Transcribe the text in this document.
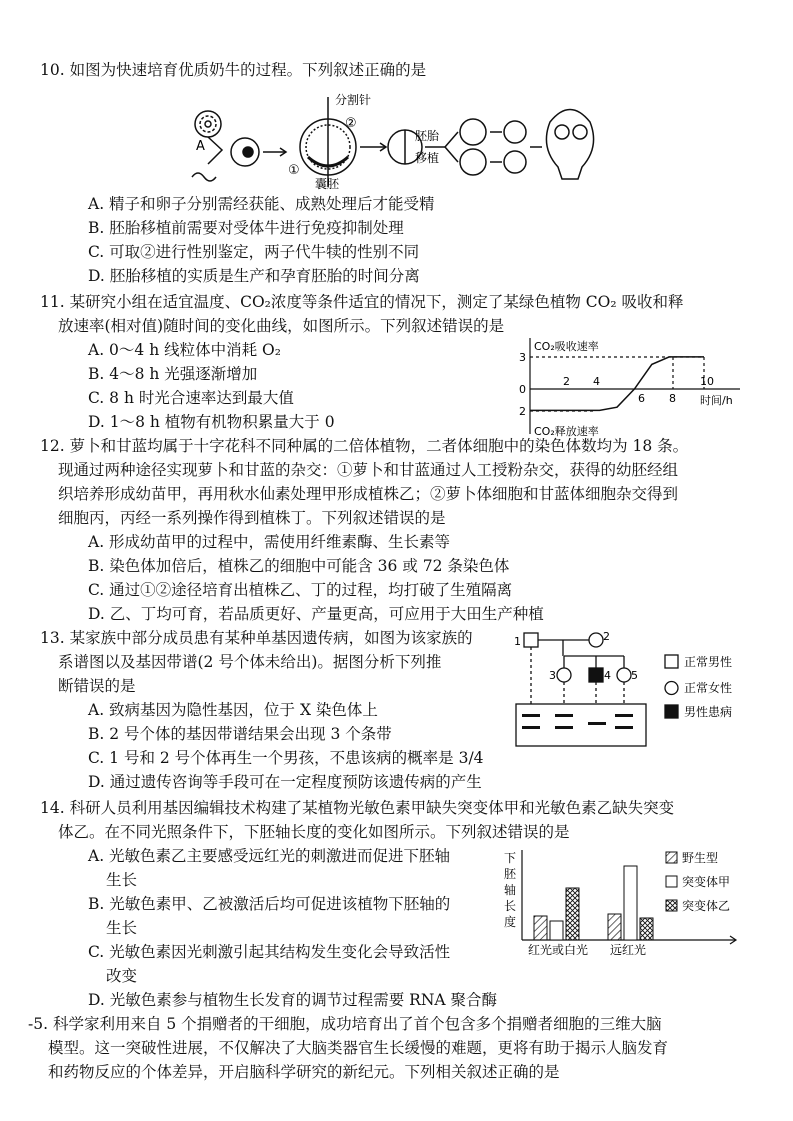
10. 如图为快速培育优质奶牛的过程。下列叙述正确的是
A
分割针
②
①
囊胚
胚胎
移植
A. 精子和卵子分别需经获能、成熟处理后才能受精
B. 胚胎移植前需要对受体牛进行免疫抑制处理
C. 可取②进行性别鉴定，两子代牛犊的性别不同
D. 胚胎移植的实质是生产和孕育胚胎的时间分离
11. 某研究小组在适宜温度、CO₂浓度等条件适宜的情况下，测定了某绿色植物 CO₂ 吸收和释
放速率(相对值)随时间的变化曲线，如图所示。下列叙述错误的是
A. 0～4 h 线粒体中消耗 O₂
B. 4～8 h 光强逐渐增加
C. 8 h 时光合速率达到最大值
D. 1～8 h 植物有机物积累量大于 0
CO₂吸收速率
CO₂释放速率
时间/h
3
0
2
2 4
6 8
10
12. 萝卜和甘蓝均属于十字花科不同种属的二倍体植物，二者体细胞中的染色体数均为 18 条。
现通过两种途径实现萝卜和甘蓝的杂交：①萝卜和甘蓝通过人工授粉杂交，获得的幼胚经组
织培养形成幼苗甲，再用秋水仙素处理甲形成植株乙；②萝卜体细胞和甘蓝体细胞杂交得到
细胞丙，丙经一系列操作得到植株丁。下列叙述错误的是
A. 形成幼苗甲的过程中，需使用纤维素酶、生长素等
B. 染色体加倍后，植株乙的细胞中可能含 36 或 72 条染色体
C. 通过①②途径培育出植株乙、丁的过程，均打破了生殖隔离
D. 乙、丁均可育，若品质更好、产量更高，可应用于大田生产种植
13. 某家族中部分成员患有某种单基因遗传病，如图为该家族的
系谱图以及基因带谱(2 号个体未给出)。据图分析下列推
断错误的是
A. 致病基因为隐性基因，位于 X 染色体上
B. 2 号个体的基因带谱结果会出现 3 个条带
C. 1 号和 2 号个体再生一个男孩，不患该病的概率是 3/4
D. 通过遗传咨询等手段可在一定程度预防该遗传病的产生
1	2
3	4 5
正常男性
正常女性
男性患病
14. 科研人员利用基因编辑技术构建了某植物光敏色素甲缺失突变体甲和光敏色素乙缺失突变
体乙。在不同光照条件下，下胚轴长度的变化如图所示。下列叙述错误的是
A. 光敏色素乙主要感受远红光的刺激进而促进下胚轴
生长
B. 光敏色素甲、乙被激活后均可促进该植物下胚轴的
生长
C. 光敏色素因光刺激引起其结构发生变化会导致活性
改变
D. 光敏色素参与植物生长发育的调节过程需要 RNA 聚合酶
下
胚
轴
长
度
红光或白光 远红光
野生型
突变体甲
突变体乙
-5. 科学家利用来自 5 个捐赠者的干细胞，成功培育出了首个包含多个捐赠者细胞的三维大脑
模型。这一突破性进展，不仅解决了大脑类器官生长缓慢的难题，更将有助于揭示人脑发育
和药物反应的个体差异，开启脑科学研究的新纪元。下列相关叙述正确的是
